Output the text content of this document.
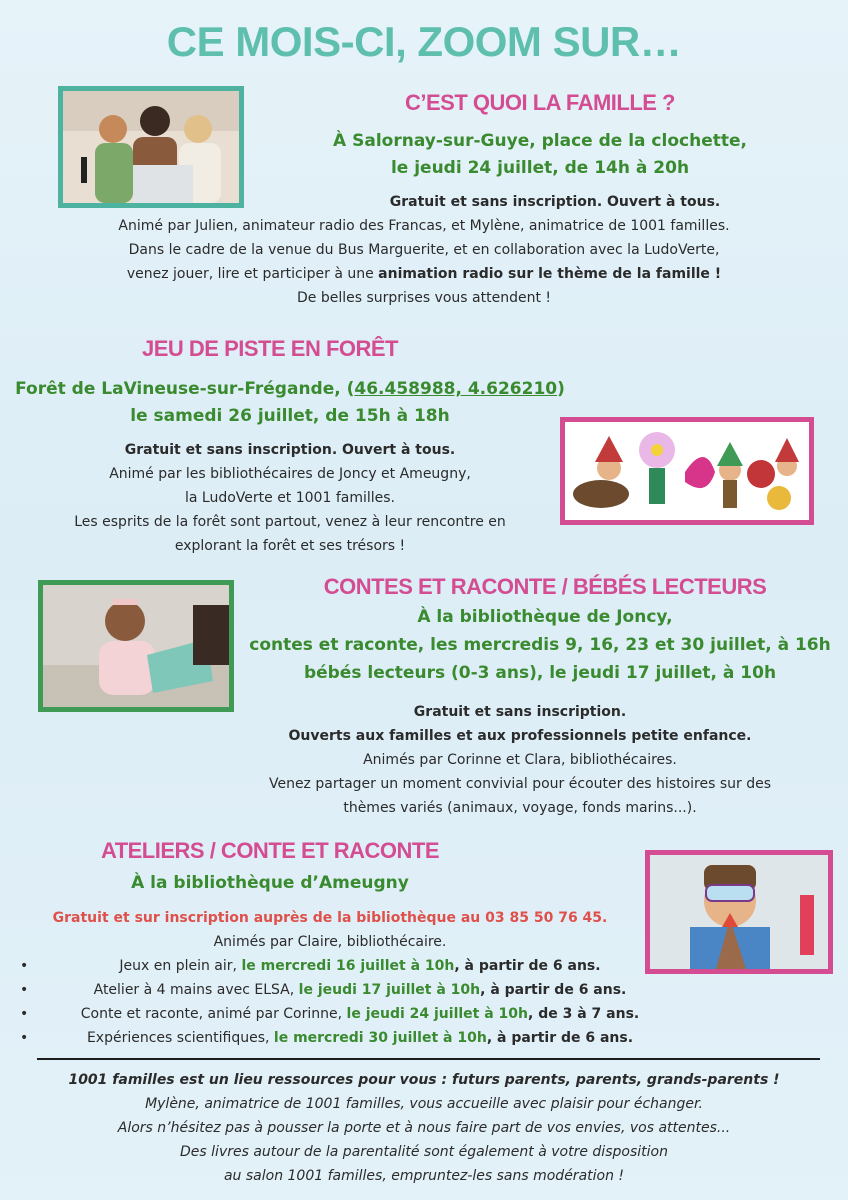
CE MOIS-CI, ZOOM SUR…
C’EST QUOI LA FAMILLE ?
À Salornay-sur-Guye, place de la clochette,
le jeudi 24 juillet, de 14h à 20h
Gratuit et sans inscription. Ouvert à tous.
Animé par Julien, animateur radio des Francas, et Mylène, animatrice de 1001 familles.
Dans le cadre de la venue du Bus Marguerite, et en collaboration avec la LudoVerte,
venez jouer, lire et participer à une animation radio sur le thème de la famille !
De belles surprises vous attendent !
JEU DE PISTE EN FORÊT
Forêt de LaVineuse-sur-Frégande, (46.458988, 4.626210)
le samedi 26 juillet, de 15h à 18h
Gratuit et sans inscription. Ouvert à tous.
Animé par les bibliothécaires de Joncy et Ameugny,
la LudoVerte et 1001 familles.
Les esprits de la forêt sont partout, venez à leur rencontre en
explorant la forêt et ses trésors !
CONTES ET RACONTE / BÉBÉS LECTEURS
À la bibliothèque de Joncy,
contes et raconte, les mercredis 9, 16, 23 et 30 juillet, à 16h
bébés lecteurs (0-3 ans), le jeudi 17 juillet, à 10h
Gratuit et sans inscription.
Ouverts aux familles et aux professionnels petite enfance.
Animés par Corinne et Clara, bibliothécaires.
Venez partager un moment convivial pour écouter des histoires sur des
thèmes variés (animaux, voyage, fonds marins...).
ATELIERS / CONTE ET RACONTE
À la bibliothèque d’Ameugny
Gratuit et sur inscription auprès de la bibliothèque au 03 85 50 76 45.
Animés par Claire, bibliothécaire.
•	Jeux en plein air, le mercredi 16 juillet à 10h, à partir de 6 ans.
•	Atelier à 4 mains avec ELSA, le jeudi 17 juillet à 10h, à partir de 6 ans.
•	Conte et raconte, animé par Corinne, le jeudi 24 juillet à 10h, de 3 à 7 ans.
•	Expériences scientifiques, le mercredi 30 juillet à 10h, à partir de 6 ans.
1001 familles est un lieu ressources pour vous : futurs parents, parents, grands-parents !
Mylène, animatrice de 1001 familles, vous accueille avec plaisir pour échanger.
Alors n’hésitez pas à pousser la porte et à nous faire part de vos envies, vos attentes...
Des livres autour de la parentalité sont également à votre disposition
au salon 1001 familles, empruntez-les sans modération !
